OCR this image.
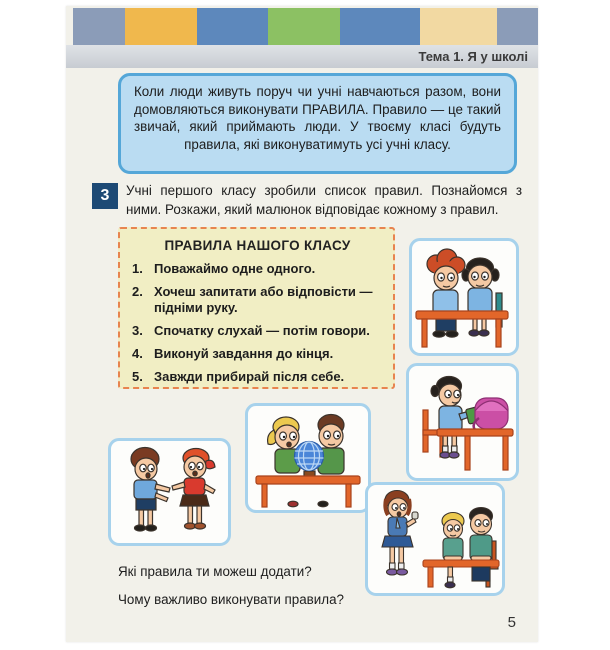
Тема 1. Я у школі

Коли люди живуть поруч чи учні навчаються разом, вони домовляються виконувати ПРАВИЛА. Правило — це такий звичай, який приймають люди. У твоєму класі будуть правила, які виконуватимуть усі учні класу.

3	Учні першого класу зробили список правил. Познайомся з ними. Розкажи, який малюнок відповідає кожному з правил.

ПРАВИЛА НАШОГО КЛАСУ
1. Поважаймо одне одного.
2. Хочеш запитати або відповісти — підніми руку.
3. Спочатку слухай — потім говори.
4. Виконуй завдання до кінця.
5. Завжди прибирай після себе.

Які правила ти можеш додати?

Чому важливо виконувати правила?

5
